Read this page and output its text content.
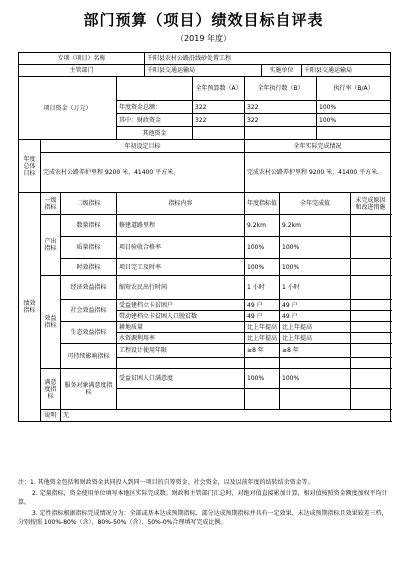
部门预算（项目）绩效目标自评表
（2019 年度）
专项（项目）名称				千阳县农村公路沿线砂处置工程							
主管部门				千阳县交通运输局			实施单位		千阳县交通运输局		
项目资金（万元）					全年预算数（A）	全年执行数（B）				执行率（B/A）	
			年度资金总额：		322	322				100%	
			其中：财政资金		322	322				100%	
			其他资金								
年度总体目标	年初设定目标					全年实际完成情况					
	完成农村公路养护里程 9200 米，41400 平方米。					完成农村公路养护里程 9200 米，41400 平方米。					
绩效指标	一级指标	二级指标	指标内容			年度指标值		全年完成值			未完成原因和改进措施
	产出指标	数量指标	修建道路里程			9.2km		9.2km			
		质量指标	项目验收合格率			100%		100%			
		时效指标	项目完工及时率			100%		100%			
	效益指标	经济效益指标	缩短农民出行时间			1 小时		1 小时			
		社会效益指标	受益建档立卡贫困户			49 户		49 户			
			带动建档立卡贫困人口脱贫数			49 户		49 户			
		生态效益指标	耕地质量			比上年提高		比上年提高			
			水资源利用率			比上年提高		比上年提高			
		可持续影响指标	工程设计使用年限			≥8 年		≥8 年			

	满意度指标	服务对象满意度指标	受益贫困人口满意度			100%		100%			

	说明	无									

注：1. 其他资金包括和财政资金共同投入到同一项目的自筹资金、社会资金，以及以前年度的结转结余资金等。

2. 定量指标，资金使用单位填写本地区实际完成数。财政和主管部门汇总时，对绝对值直接累加计算，相对值按照资金额度加权平均计算。

3. 定性指标根据指标完成情况分为：全部或基本达成预期指标、部分达成预期指标并具有一定效果、未达成预期指标且效果较差三档，分别按照 100%-80%（含）、80%-50%（含）、50%-0%合理填写完成比例。
